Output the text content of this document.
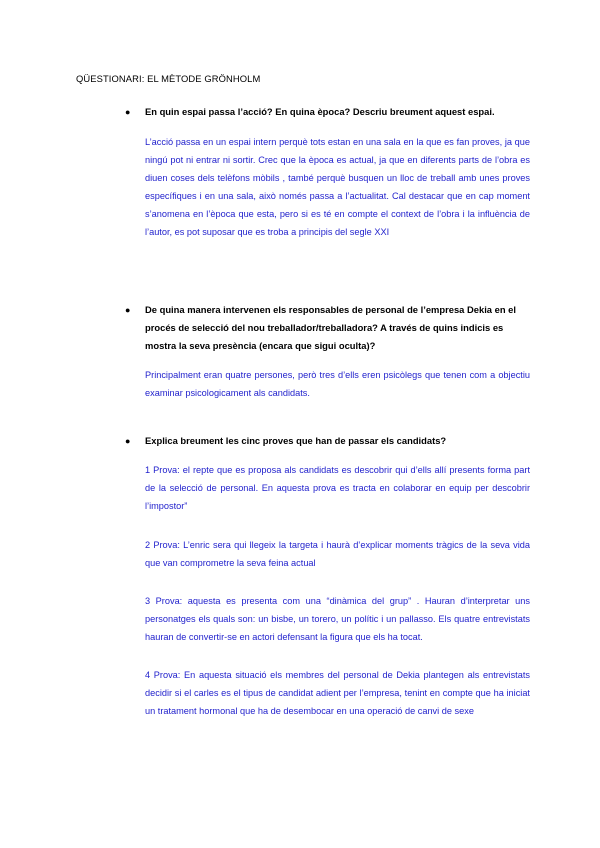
QÜESTIONARI: EL MÈTODE GRÖNHOLM
● En quin espai passa l’acció? En quina època? Descriu breument aquest espai.

L’acció passa en un espai intern perquè tots estan en una sala en la que es fan proves, ja que ningú pot ni entrar ni sortir. Crec que la època es actual, ja que en diferents parts de l’obra es diuen coses dels telèfons mòbils , també perquè busquen un lloc de treball amb unes proves específiques i en una sala, això només passa a l’actualitat. Cal destacar que en cap moment s’anomena en l’època que esta, pero si es té en compte el context de l’obra i la influència de l’autor, es pot suposar que es troba a principis del segle XXI

● De quina manera intervenen els responsables de personal de l’empresa Dekia en el procés de selecció del nou treballador/treballadora? A través de quins indicis es mostra la seva presència (encara que sigui oculta)?

Principalment eran quatre persones, però tres d’ells eren psicòlegs que tenen com a objectiu examinar psicologicament als candidats.

● Explica breument les cinc proves que han de passar els candidats?

1 Prova: el repte que es proposa als candidats es descobrir qui d’ells allí presents forma part de la selecció de personal. En aquesta prova es tracta en colaborar en equip per descobrir l’impostor”

2 Prova: L’enric sera qui llegeix la targeta i haurà d’explicar moments tràgics de la seva vida que van comprometre la seva feina actual

3 Prova: aquesta es presenta com una “dinàmica del grup” . Hauran d’interpretar uns personatges els quals son: un bisbe, un torero, un polític i un pallasso. Els quatre entrevistats hauran de convertir-se en actori defensant la figura que els ha tocat.

4 Prova: En aquesta situació els membres del personal de Dekia plantegen als entrevistats decidir si el carles es el tipus de candidat adient per l’empresa, tenint en compte que ha iniciat un tratament hormonal que ha de desembocar en una operació de canvi de sexe
